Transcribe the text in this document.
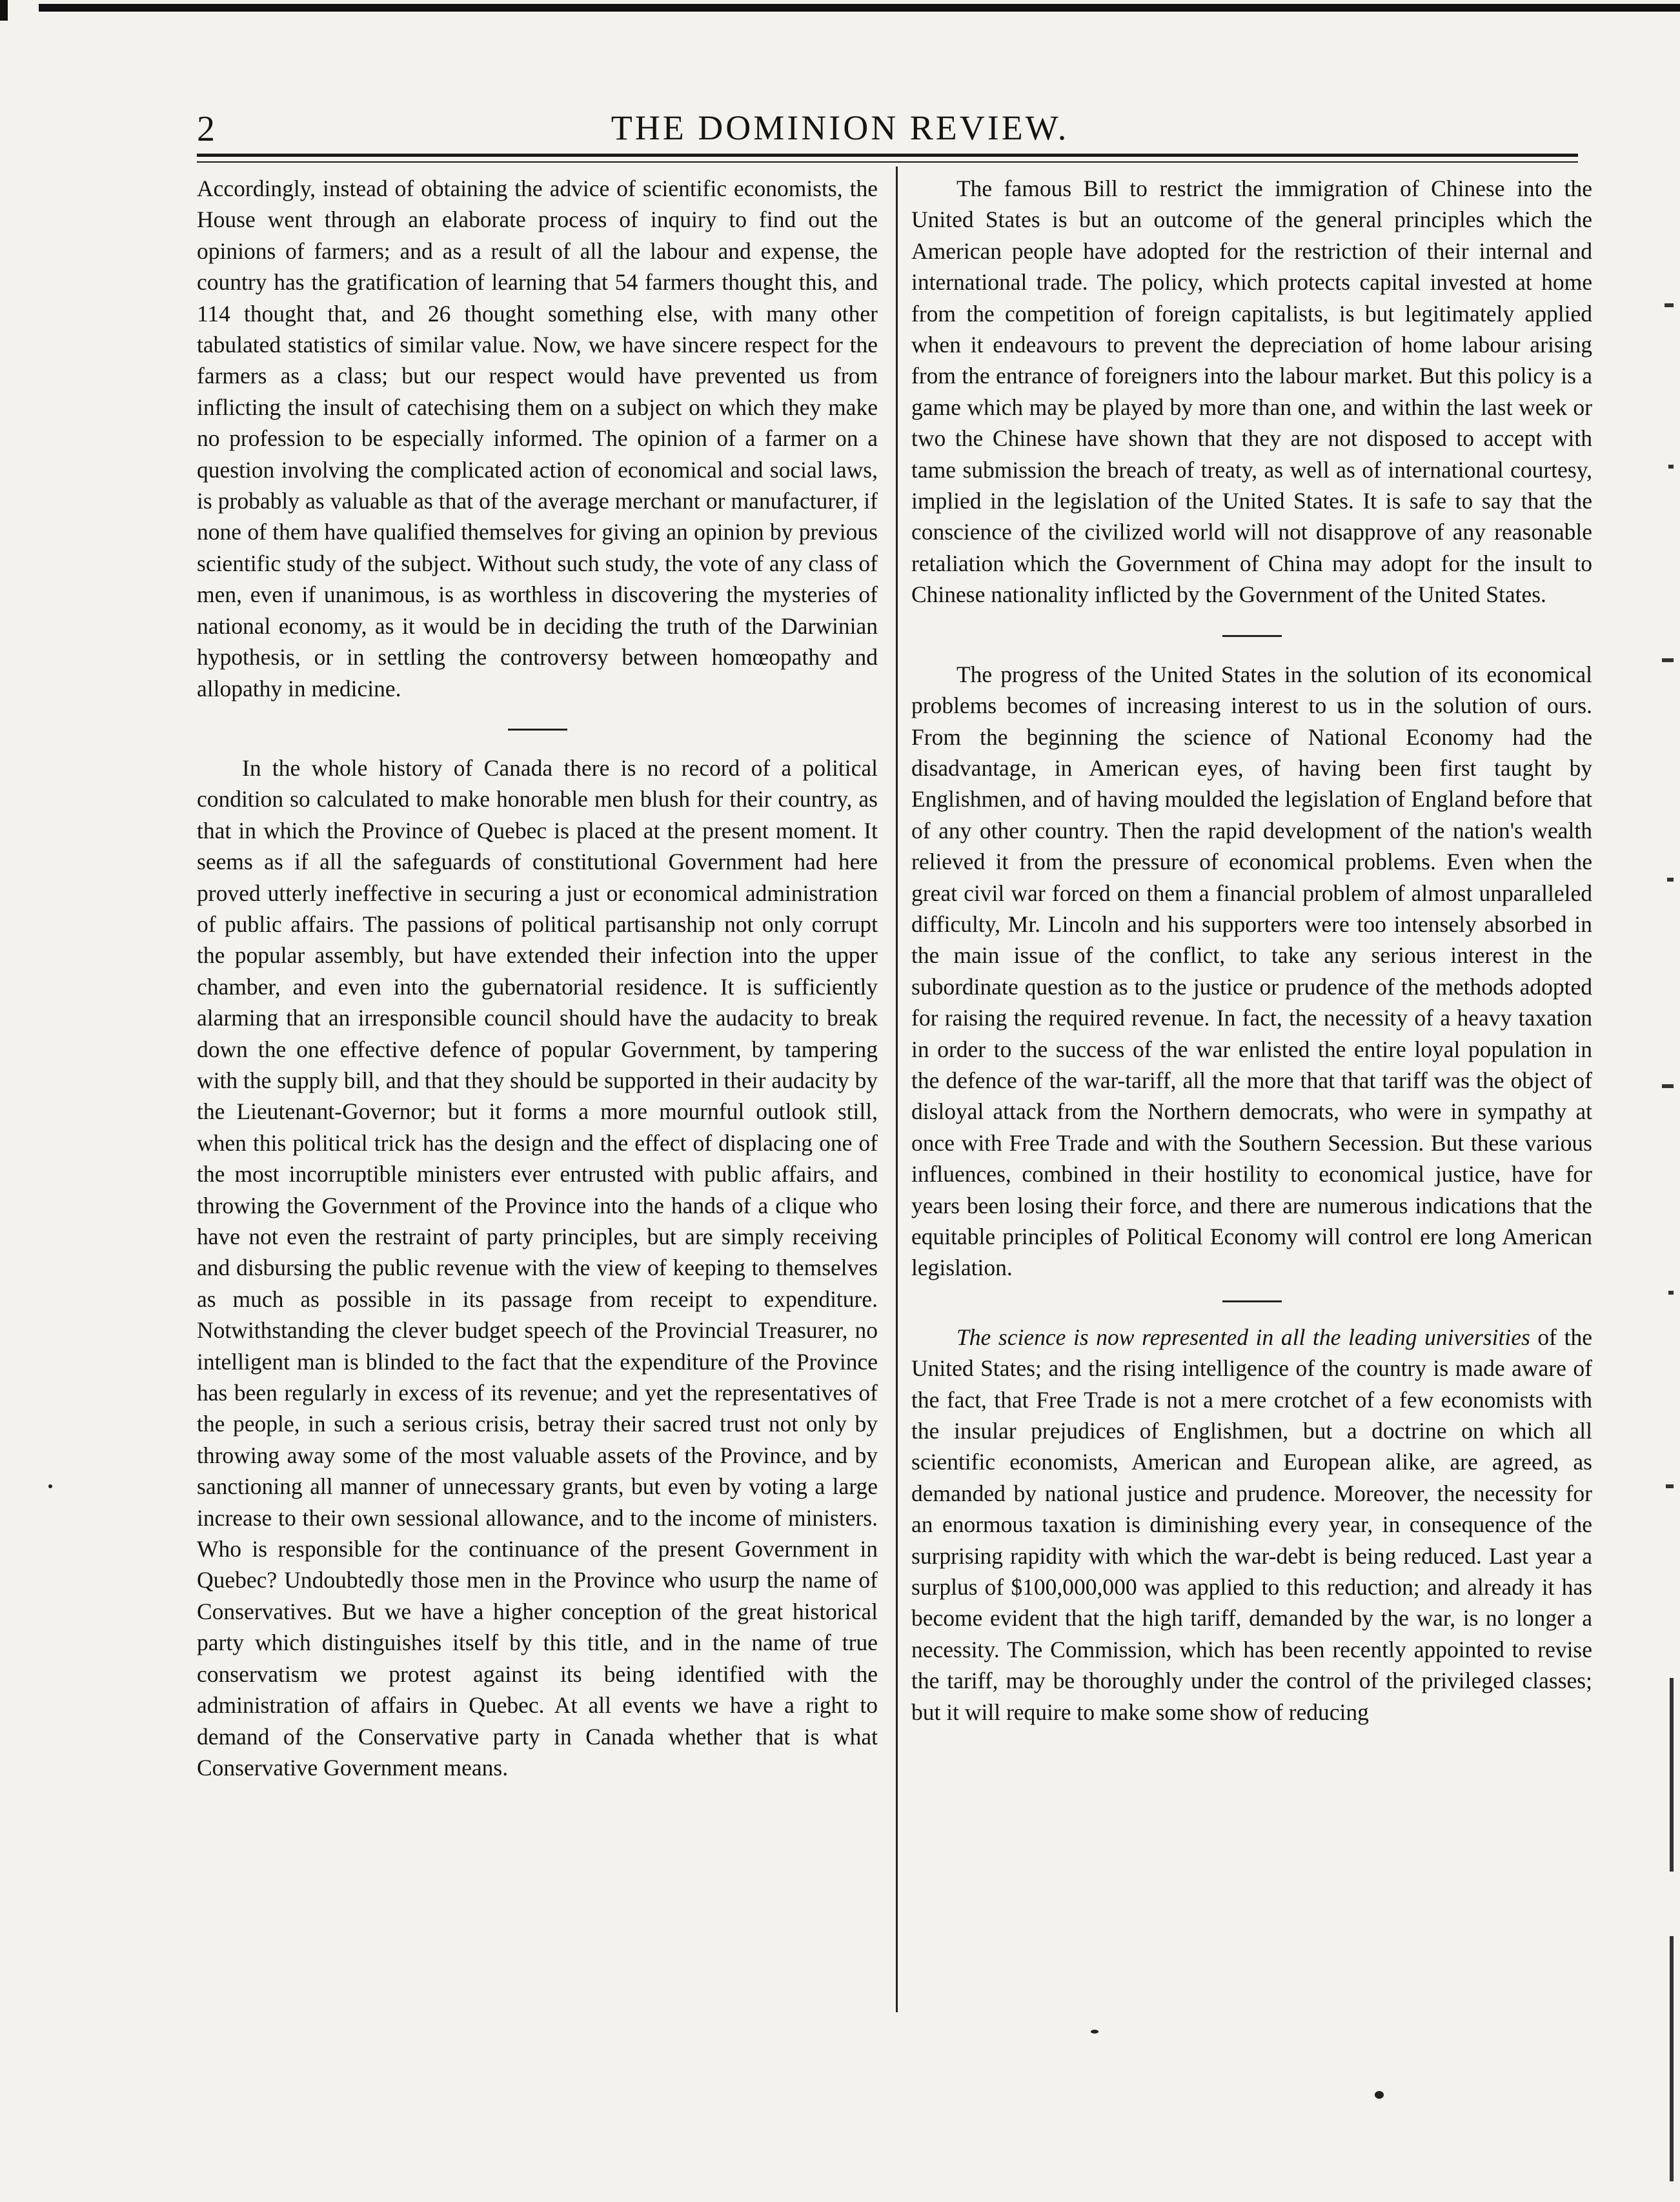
2	THE DOMINION REVIEW.

Accordingly, instead of obtaining the advice of scientific economists, the House went through an elaborate process of inquiry to find out the opinions of farmers; and as a result of all the labour and expense, the country has the gratification of learning that 54 farmers thought this, and 114 thought that, and 26 thought something else, with many other tabulated statistics of similar value. Now, we have sincere respect for the farmers as a class; but our respect would have prevented us from inflicting the insult of catechising them on a subject on which they make no profession to be especially informed. The opinion of a farmer on a question involving the complicated action of economical and social laws, is probably as valuable as that of the average merchant or manufacturer, if none of them have qualified themselves for giving an opinion by previous scientific study of the subject. Without such study, the vote of any class of men, even if unanimous, is as worthless in discovering the mysteries of national economy, as it would be in deciding the truth of the Darwinian hypothesis, or in settling the controversy between homœopathy and allopathy in medicine.

In the whole history of Canada there is no record of a political condition so calculated to make honorable men blush for their country, as that in which the Province of Quebec is placed at the present moment. It seems as if all the safeguards of constitutional Government had here proved utterly ineffective in securing a just or economical administration of public affairs. The passions of political partisanship not only corrupt the popular assembly, but have extended their infection into the upper chamber, and even into the gubernatorial residence. It is sufficiently alarming that an irresponsible council should have the audacity to break down the one effective defence of popular Government, by tampering with the supply bill, and that they should be supported in their audacity by the Lieutenant-Governor; but it forms a more mournful outlook still, when this political trick has the design and the effect of displacing one of the most incorruptible ministers ever entrusted with public affairs, and throwing the Government of the Province into the hands of a clique who have not even the restraint of party principles, but are simply receiving and disbursing the public revenue with the view of keeping to themselves as much as possible in its passage from receipt to expenditure. Notwithstanding the clever budget speech of the Provincial Treasurer, no intelligent man is blinded to the fact that the expenditure of the Province has been regularly in excess of its revenue; and yet the representatives of the people, in such a serious crisis, betray their sacred trust not only by throwing away some of the most valuable assets of the Province, and by sanctioning all manner of unnecessary grants, but even by voting a large increase to their own sessional allowance, and to the income of ministers. Who is responsible for the continuance of the present Government in Quebec? Undoubtedly those men in the Province who usurp the name of Conservatives. But we have a higher conception of the great historical party which distinguishes itself by this title, and in the name of true conservatism we protest against its being identified with the administration of affairs in Quebec. At all events we have a right to demand of the Conservative party in Canada whether that is what Conservative Government means.

The famous Bill to restrict the immigration of Chinese into the United States is but an outcome of the general principles which the American people have adopted for the restriction of their internal and international trade. The policy, which protects capital invested at home from the competition of foreign capitalists, is but legitimately applied when it endeavours to prevent the depreciation of home labour arising from the entrance of foreigners into the labour market. But this policy is a game which may be played by more than one, and within the last week or two the Chinese have shown that they are not disposed to accept with tame submission the breach of treaty, as well as of international courtesy, implied in the legislation of the United States. It is safe to say that the conscience of the civilized world will not disapprove of any reasonable retaliation which the Government of China may adopt for the insult to Chinese nationality inflicted by the Government of the United States.

The progress of the United States in the solution of its economical problems becomes of increasing interest to us in the solution of ours. From the beginning the science of National Economy had the disadvantage, in American eyes, of having been first taught by Englishmen, and of having moulded the legislation of England before that of any other country. Then the rapid development of the nation's wealth relieved it from the pressure of economical problems. Even when the great civil war forced on them a financial problem of almost unparalleled difficulty, Mr. Lincoln and his supporters were too intensely absorbed in the main issue of the conflict, to take any serious interest in the subordinate question as to the justice or prudence of the methods adopted for raising the required revenue. In fact, the necessity of a heavy taxation in order to the success of the war enlisted the entire loyal population in the defence of the war-tariff, all the more that that tariff was the object of disloyal attack from the Northern democrats, who were in sympathy at once with Free Trade and with the Southern Secession. But these various influences, combined in their hostility to economical justice, have for years been losing their force, and there are numerous indications that the equitable principles of Political Economy will control ere long American legislation.

The science is now represented in all the leading universities of the United States; and the rising intelligence of the country is made aware of the fact, that Free Trade is not a mere crotchet of a few economists with the insular prejudices of Englishmen, but a doctrine on which all scientific economists, American and European alike, are agreed, as demanded by national justice and prudence. Moreover, the necessity for an enormous taxation is diminishing every year, in consequence of the surprising rapidity with which the war-debt is being reduced. Last year a surplus of $100,000,000 was applied to this reduction; and already it has become evident that the high tariff, demanded by the war, is no longer a necessity. The Commission, which has been recently appointed to revise the tariff, may be thoroughly under the control of the privileged classes; but it will require to make some show of reducing
